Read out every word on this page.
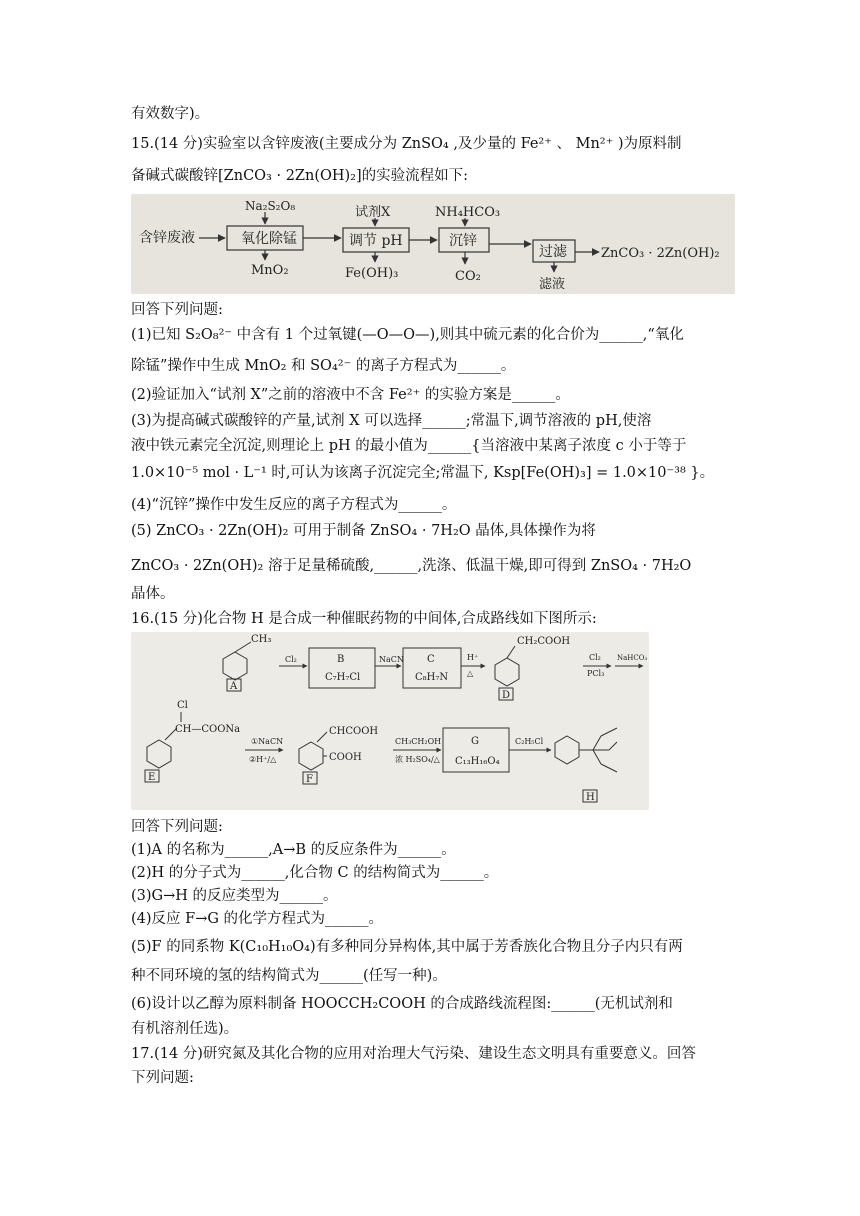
有效数字)。
15.(14 分)实验室以含锌废液(主要成分为 ZnSO₄ ,及少量的 Fe²⁺ 、 Mn²⁺ )为原料制
备碱式碳酸锌[ZnCO₃ · 2Zn(OH)₂]的实验流程如下:
含锌废液	氧化除锰	调节 pH	沉锌
过滤	ZnCO₃ · 2Zn(OH)₂
Na₂S₂O₈	试剂X	NH₄HCO₃
MnO₂	Fe(OH)₃	CO₂
滤液
回答下列问题:
(1)已知 S₂O₈²⁻ 中含有 1 个过氧键(—O—O—),则其中硫元素的化合价为______,“氧化
除锰”操作中生成 MnO₂ 和 SO₄²⁻ 的离子方程式为______。
(2)验证加入“试剂 X”之前的溶液中不含 Fe²⁺ 的实验方案是______。
(3)为提高碱式碳酸锌的产量,试剂 X 可以选择______;常温下,调节溶液的 pH,使溶
液中铁元素完全沉淀,则理论上 pH 的最小值为______{当溶液中某离子浓度 c 小于等于
1.0×10⁻⁵ mol · L⁻¹ 时,可认为该离子沉淀完全;常温下, Ksp[Fe(OH)₃] = 1.0×10⁻³⁸ }。
(4)“沉锌”操作中发生反应的离子方程式为______。
(5) ZnCO₃ · 2Zn(OH)₂ 可用于制备 ZnSO₄ · 7H₂O 晶体,具体操作为将
ZnCO₃ · 2Zn(OH)₂ 溶于足量稀硫酸,______,洗涤、低温干燥,即可得到 ZnSO₄ · 7H₂O
晶体。
16.(15 分)化合物 H 是合成一种催眠药物的中间体,合成路线如下图所示:
CH₃
A
Cl₂	B
C₇H₇Cl
NaCN C
C₈H₇N
H⁺
△
CH₂COOH
D
Cl₂
PCl₃
NaHCO₃
Cl
CH—COONa
E
①NaCN
②H⁺/△
CHCOOH
COOH
F
CH₃CH₂OH
浓 H₂SO₄/△
G
C₁₃H₁₆O₄
C₂H₅Cl
H
回答下列问题:
(1)A 的名称为______,A→B 的反应条件为______。
(2)H 的分子式为______,化合物 C 的结构简式为______。
(3)G→H 的反应类型为______。
(4)反应 F→G 的化学方程式为______。
(5)F 的同系物 K(C₁₀H₁₀O₄)有多种同分异构体,其中属于芳香族化合物且分子内只有两
种不同环境的氢的结构简式为______(任写一种)。
(6)设计以乙醇为原料制备 HOOCCH₂COOH 的合成路线流程图:______(无机试剂和
有机溶剂任选)。
17.(14 分)研究氮及其化合物的应用对治理大气污染、建设生态文明具有重要意义。回答
下列问题:
